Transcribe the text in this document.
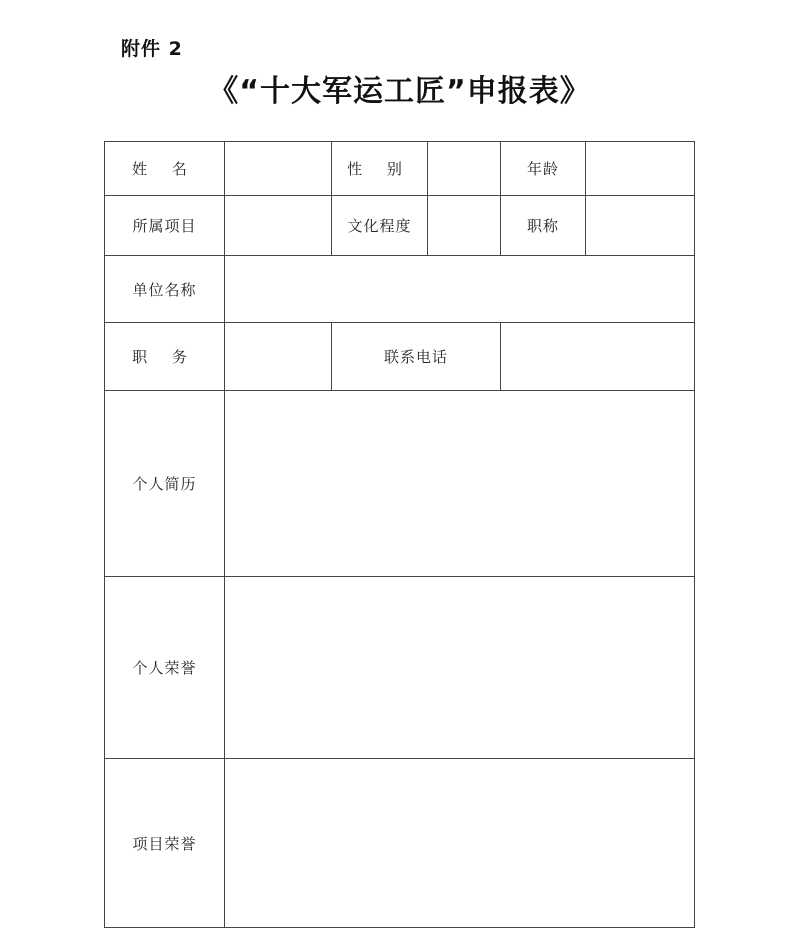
附件 2
《“十大军运工匠”申报表》
姓 名		性 别		年龄	
所属项目		文化程度		职称	
单位名称					
职 务		联系电话			
个人简历					
个人荣誉					
项目荣誉					
